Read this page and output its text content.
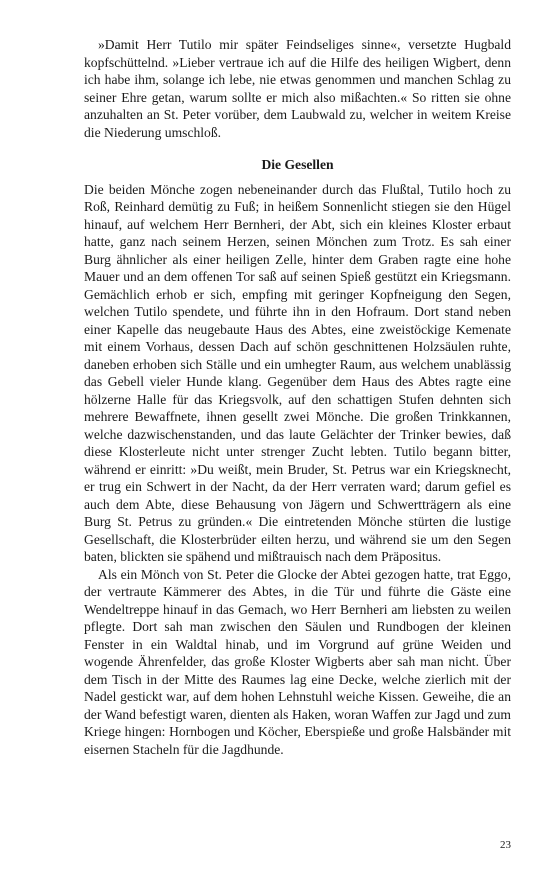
»Damit Herr Tutilo mir später Feindseliges sinne«, versetzte Hugbald kopfschüttelnd. »Lieber vertraue ich auf die Hilfe des heiligen Wigbert, denn ich habe ihm, solange ich lebe, nie etwas genommen und manchen Schlag zu seiner Ehre getan, warum sollte er mich also mißachten.« So ritten sie ohne anzuhalten an St. Peter vorüber, dem Laubwald zu, welcher in weitem Kreise die Niederung umschloß.

Die Gesellen

Die beiden Mönche zogen nebeneinander durch das Flußtal, Tutilo hoch zu Roß, Reinhard demütig zu Fuß; in heißem Sonnenlicht stiegen sie den Hügel hinauf, auf welchem Herr Bernheri, der Abt, sich ein kleines Kloster erbaut hatte, ganz nach seinem Herzen, seinen Mönchen zum Trotz. Es sah einer Burg ähnlicher als einer heiligen Zelle, hinter dem Graben ragte eine hohe Mauer und an dem offenen Tor saß auf seinen Spieß gestützt ein Kriegsmann. Gemächlich erhob er sich, empfing mit geringer Kopfneigung den Segen, welchen Tutilo spendete, und führte ihn in den Hofraum. Dort stand neben einer Kapelle das neugebaute Haus des Abtes, eine zweistöckige Kemenate mit einem Vorhaus, dessen Dach auf schön geschnittenen Holzsäulen ruhte, daneben erhoben sich Ställe und ein umhegter Raum, aus welchem unablässig das Gebell vieler Hunde klang. Gegenüber dem Haus des Abtes ragte eine hölzerne Halle für das Kriegsvolk, auf den schattigen Stufen dehnten sich mehrere Bewaffnete, ihnen gesellt zwei Mönche. Die großen Trinkkannen, welche dazwischenstanden, und das laute Gelächter der Trinker bewies, daß diese Klosterleute nicht unter strenger Zucht lebten. Tutilo begann bitter, während er einritt: »Du weißt, mein Bruder, St. Petrus war ein Kriegsknecht, er trug ein Schwert in der Nacht, da der Herr verraten ward; darum gefiel es auch dem Abte, diese Behausung von Jägern und Schwertträgern als eine Burg St. Petrus zu gründen.« Die eintretenden Mönche stürten die lustige Gesellschaft, die Klosterbrüder eilten herzu, und während sie um den Segen baten, blickten sie spähend und mißtrauisch nach dem Präpositus.

Als ein Mönch von St. Peter die Glocke der Abtei gezogen hatte, trat Eggo, der vertraute Kämmerer des Abtes, in die Tür und führte die Gäste eine Wendeltreppe hinauf in das Gemach, wo Herr Bernheri am liebsten zu weilen pflegte. Dort sah man zwischen den Säulen und Rundbogen der kleinen Fenster in ein Waldtal hinab, und im Vorgrund auf grüne Weiden und wogende Ährenfelder, das große Kloster Wigberts aber sah man nicht. Über dem Tisch in der Mitte des Raumes lag eine Decke, welche zierlich mit der Nadel gestickt war, auf dem hohen Lehnstuhl weiche Kissen. Geweihe, die an der Wand befestigt waren, dienten als Haken, woran Waffen zur Jagd und zum Kriege hingen: Hornbogen und Köcher, Eberspieße und große Halsbänder mit eisernen Stacheln für die Jagdhunde.

23
